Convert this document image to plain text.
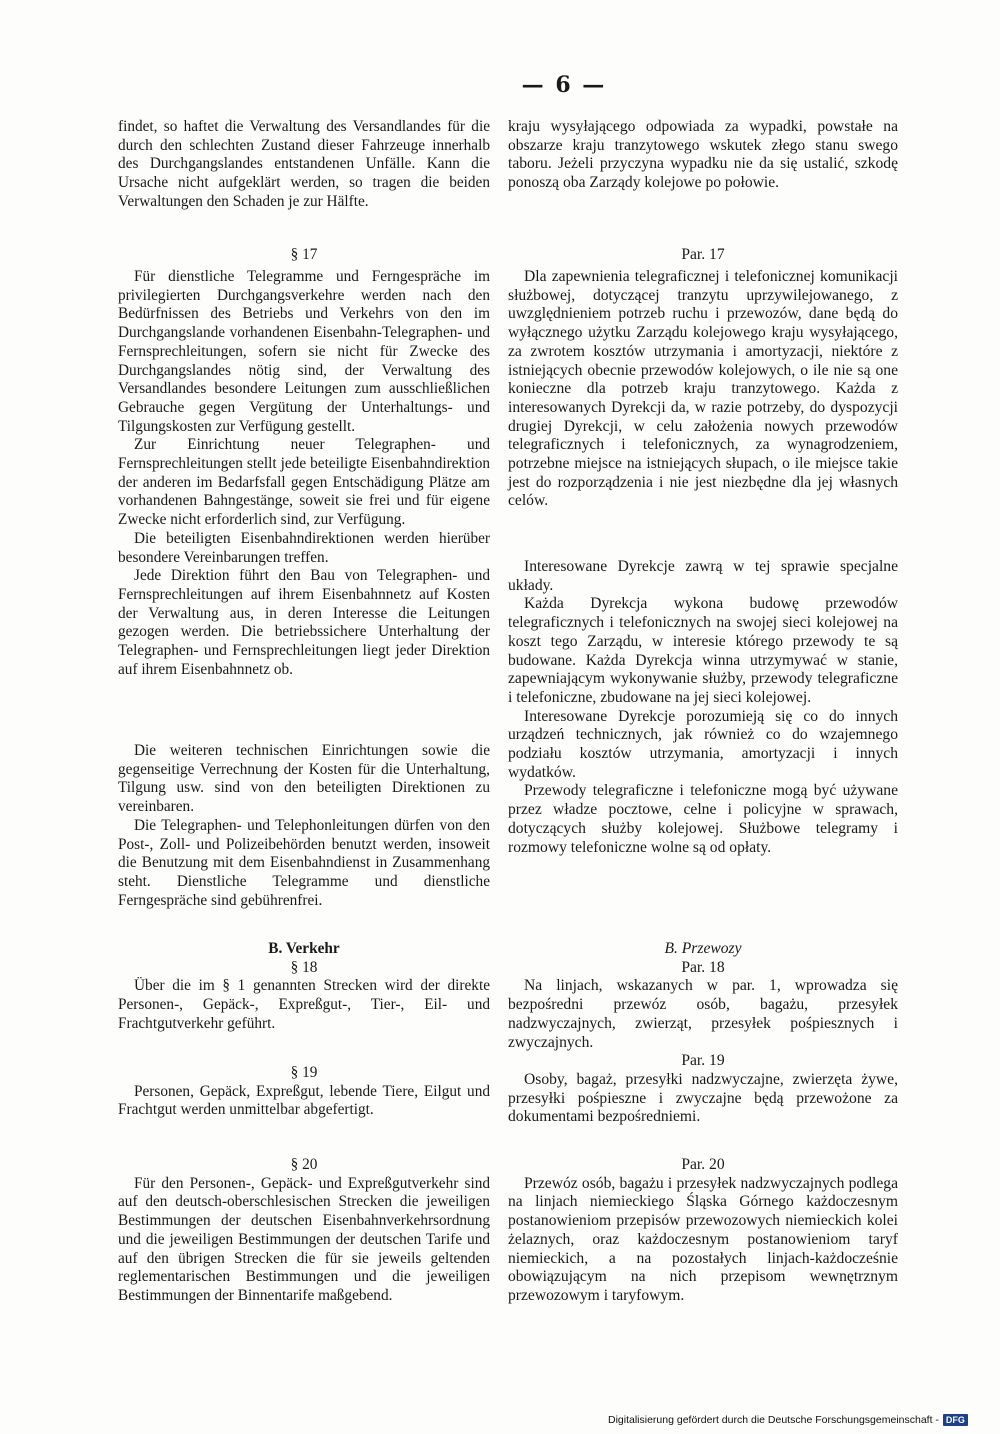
— 6 —

findet, so haftet die Verwaltung des Versandlandes für die durch den schlechten Zustand dieser Fahrzeuge innerhalb des Durchgangslandes entstandenen Unfälle. Kann die Ursache nicht aufgeklärt werden, so tragen die beiden Verwaltungen den Schaden je zur Hälfte.

§ 17

Für dienstliche Telegramme und Ferngespräche im privilegierten Durchgangsverkehre werden nach den Bedürfnissen des Betriebs und Verkehrs von den im Durchgangslande vorhandenen Eisenbahn-Telegraphen- und Fernsprechleitungen, sofern sie nicht für Zwecke des Durchgangslandes nötig sind, der Verwaltung des Versandlandes besondere Leitungen zum ausschließlichen Gebrauche gegen Vergütung der Unterhaltungs- und Tilgungskosten zur Verfügung gestellt.

Zur Einrichtung neuer Telegraphen- und Fernsprechleitungen stellt jede beteiligte Eisenbahndirektion der anderen im Bedarfsfall gegen Entschädigung Plätze am vorhandenen Bahngestänge, soweit sie frei und für eigene Zwecke nicht erforderlich sind, zur Verfügung.

Die beteiligten Eisenbahndirektionen werden hierüber besondere Vereinbarungen treffen.

Jede Direktion führt den Bau von Telegraphen- und Fernsprechleitungen auf ihrem Eisenbahnnetz auf Kosten der Verwaltung aus, in deren Interesse die Leitungen gezogen werden. Die betriebssichere Unterhaltung der Telegraphen- und Fernsprechleitungen liegt jeder Direktion auf ihrem Eisenbahnnetz ob.

Die weiteren technischen Einrichtungen sowie die gegenseitige Verrechnung der Kosten für die Unterhaltung, Tilgung usw. sind von den beteiligten Direktionen zu vereinbaren.

Die Telegraphen- und Telephonleitungen dürfen von den Post-, Zoll- und Polizeibehörden benutzt werden, insoweit die Benutzung mit dem Eisenbahndienst in Zusammenhang steht. Dienstliche Telegramme und dienstliche Ferngespräche sind gebührenfrei.

B. Verkehr

§ 18

Über die im § 1 genannten Strecken wird der direkte Personen-, Gepäck-, Expreßgut-, Tier-, Eil- und Frachtgutverkehr geführt.

§ 19

Personen, Gepäck, Expreßgut, lebende Tiere, Eilgut und Frachtgut werden unmittelbar abgefertigt.

§ 20

Für den Personen-, Gepäck- und Expreßgutverkehr sind auf den deutsch-oberschlesischen Strecken die jeweiligen Bestimmungen der deutschen Eisenbahnverkehrsordnung und die jeweiligen Bestimmungen der deutschen Tarife und auf den übrigen Strecken die für sie jeweils geltenden reglementarischen Bestimmungen und die jeweiligen Bestimmungen der Binnentarife maßgebend.

kraju wysyłającego odpowiada za wypadki, powstałe na obszarze kraju tranzytowego wskutek złego stanu swego taboru. Jeżeli przyczyna wypadku nie da się ustalić, szkodę ponoszą oba Zarządy kolejowe po połowie.

Par. 17

Dla zapewnienia telegraficznej i telefonicznej komunikacji służbowej, dotyczącej tranzytu uprzywilejowanego, z uwzględnieniem potrzeb ruchu i przewozów, dane będą do wyłącznego użytku Zarządu kolejowego kraju wysyłającego, za zwrotem kosztów utrzymania i amortyzacji, niektóre z istniejących obecnie przewodów kolejowych, o ile nie są one konieczne dla potrzeb kraju tranzytowego. Każda z interesowanych Dyrekcji da, w razie potrzeby, do dyspozycji drugiej Dyrekcji, w celu założenia nowych przewodów telegraficznych i telefonicznych, za wynagrodzeniem, potrzebne miejsce na istniejących słupach, o ile miejsce takie jest do rozporządzenia i nie jest niezbędne dla jej własnych celów.

Interesowane Dyrekcje zawrą w tej sprawie specjalne układy.

Każda Dyrekcja wykona budowę przewodów telegraficznych i telefonicznych na swojej sieci kolejowej na koszt tego Zarządu, w interesie którego przewody te są budowane. Każda Dyrekcja winna utrzymywać w stanie, zapewniającym wykonywanie służby, przewody telegraficzne i telefoniczne, zbudowane na jej sieci kolejowej.

Interesowane Dyrekcje porozumieją się co do innych urządzeń technicznych, jak również co do wzajemnego podziału kosztów utrzymania, amortyzacji i innych wydatków.

Przewody telegraficzne i telefoniczne mogą być używane przez władze pocztowe, celne i policyjne w sprawach, dotyczących służby kolejowej. Służbowe telegramy i rozmowy telefoniczne wolne są od opłaty.

B. Przewozy

Par. 18

Na linjach, wskazanych w par. 1, wprowadza się bezpośredni przewóz osób, bagażu, przesyłek nadzwyczajnych, zwierząt, przesyłek pośpiesznych i zwyczajnych.

Par. 19

Osoby, bagaż, przesyłki nadzwyczajne, zwierzęta żywe, przesyłki pośpieszne i zwyczajne będą przewożone za dokumentami bezpośredniemi.

Par. 20

Przewóz osób, bagażu i przesyłek nadzwyczajnych podlega na linjach niemieckiego Śląska Górnego każdoczesnym postanowieniom przepisów przewozowych niemieckich kolei żelaznych, oraz każdoczesnym postanowieniom taryf niemieckich, a na pozostałych linjach-każdocześnie obowiązującym na nich przepisom wewnętrznym przewozowym i taryfowym.

Digitalisierung gefördert durch die Deutsche Forschungsgemeinschaft - DFG
